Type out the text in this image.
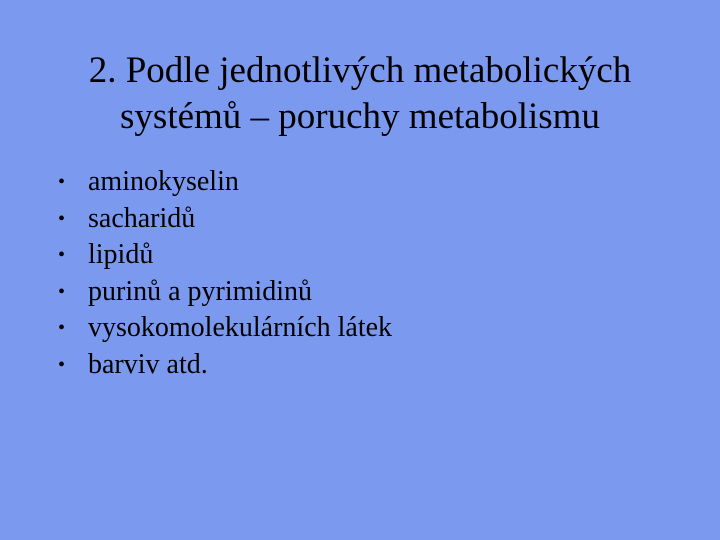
2. Podle jednotlivých metabolických
systémů – poruchy metabolismu
• aminokyselin
• sacharidů
• lipidů
• purinů a pyrimidinů
• vysokomolekulárních látek
• barviv atd.
